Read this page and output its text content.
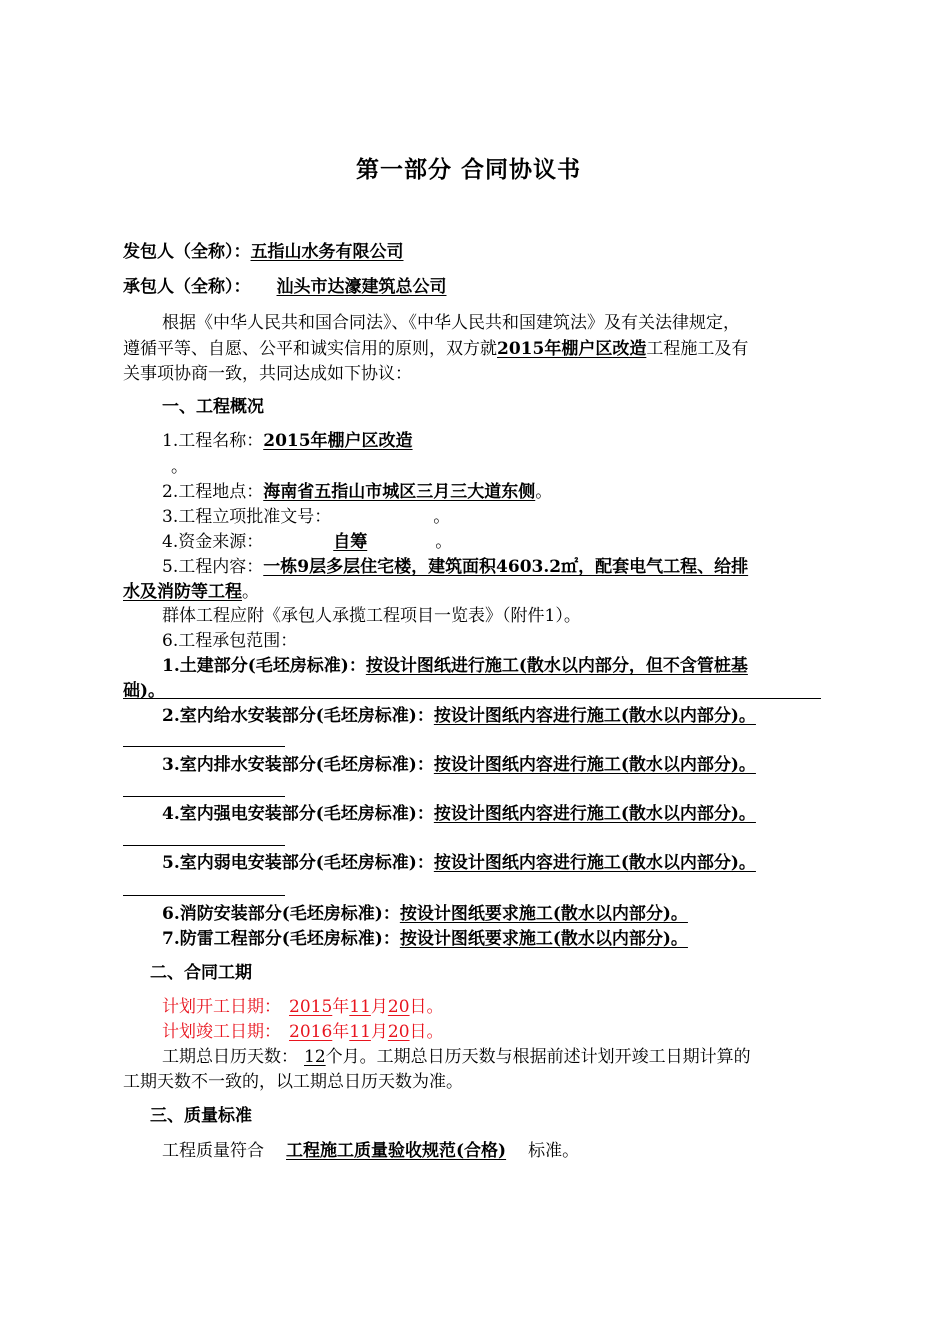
第一部分 合同协议书
发包人（全称）：五指山水务有限公司
承包人（全称）： 汕头市达濠建筑总公司
根据《中华人民共和国合同法》、《中华人民共和国建筑法》及有关法律规定，
遵循平等、自愿、公平和诚实信用的原则，双方就2015年棚户区改造工程施工及有
关事项协商一致，共同达成如下协议：
一、工程概况
1.工程名称：2015年棚户区改造
。
2.工程地点：海南省五指山市城区三月三大道东侧。
3.工程立项批准文号：	。
4.资金来源：	自筹	。
5.工程内容：一栋9层多层住宅楼，建筑面积4603.2㎡，配套电气工程、给排
水及消防等工程。
群体工程应附《承包人承揽工程项目一览表》（附件1）。
6.工程承包范围：
1.土建部分(毛坯房标准)：按设计图纸进行施工(散水以内部分，但不含管桩基
础)。
2.室内给水安装部分(毛坯房标准)：按设计图纸内容进行施工(散水以内部分)。
3.室内排水安装部分(毛坯房标准)：按设计图纸内容进行施工(散水以内部分)。
4.室内强电安装部分(毛坯房标准)：按设计图纸内容进行施工(散水以内部分)。
5.室内弱电安装部分(毛坯房标准)：按设计图纸内容进行施工(散水以内部分)。
6.消防安装部分(毛坯房标准)：按设计图纸要求施工(散水以内部分)。
7.防雷工程部分(毛坯房标准)：按设计图纸要求施工(散水以内部分)。
二、合同工期
计划开工日期： 2015年11月20日。
计划竣工日期： 2016年11月20日。
工期总日历天数： 12个月。工期总日历天数与根据前述计划开竣工日期计算的
工期天数不一致的，以工期总日历天数为准。
三、质量标准
工程质量符合 工程施工质量验收规范(合格) 标准。
